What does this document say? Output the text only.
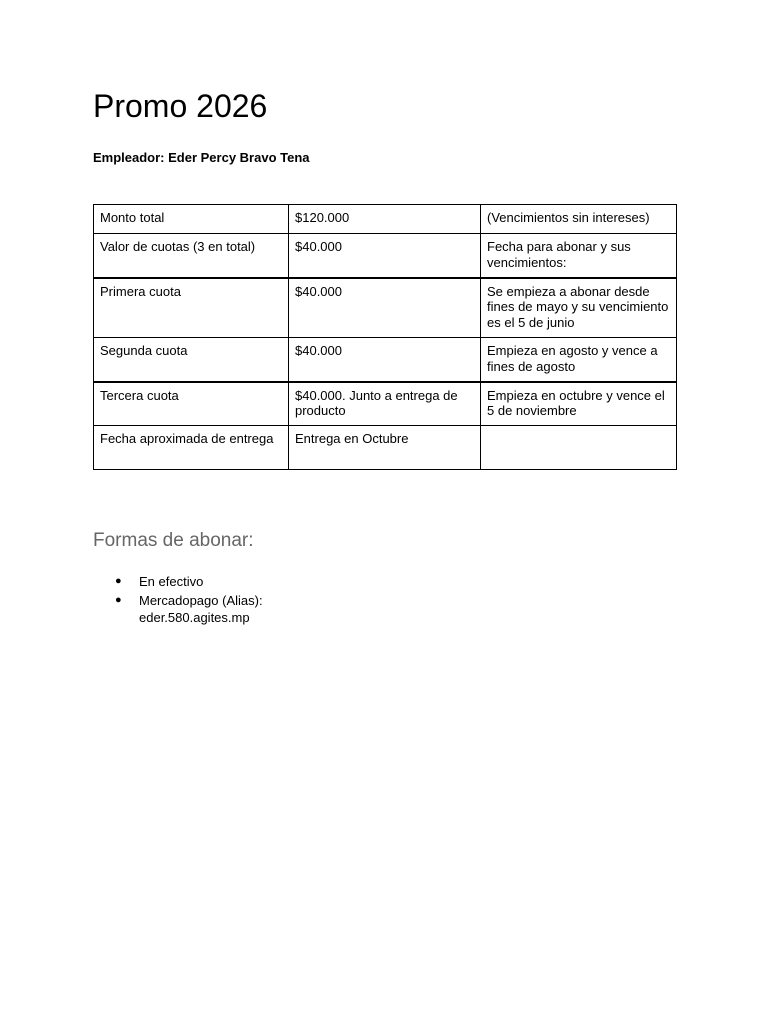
Promo 2026

Empleador: Eder Percy Bravo Tena

Monto total	$120.000	(Vencimientos sin intereses)
Valor de cuotas (3 en total)	$40.000	Fecha para abonar y sus vencimientos:
Primera cuota	$40.000	Se empieza a abonar desde fines de mayo y su vencimiento es el 5 de junio
Segunda cuota	$40.000	Empieza en agosto y vence a fines de agosto
Tercera cuota	$40.000. Junto a entrega de producto	Empieza en octubre y vence el 5 de noviembre
Fecha aproximada de entrega	Entrega en Octubre	
Formas de abonar:
● En efectivo
● Mercadopago (Alias): eder.580.agites.mp
